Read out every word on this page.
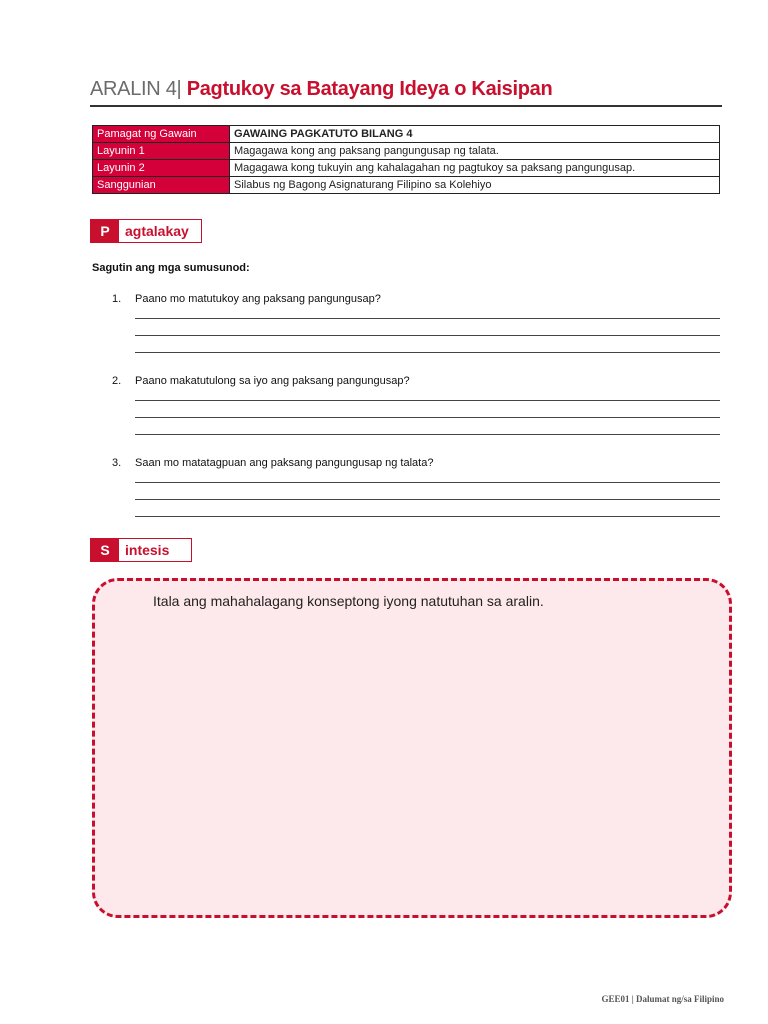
ARALIN 4| Pagtukoy sa Batayang Ideya o Kaisipan
Pamagat ng Gawain	GAWAING PAGKATUTO BILANG 4
Layunin 1	Magagawa kong ang paksang pangungusap ng talata.
Layunin 2	Magagawa kong tukuyin ang kahalagahan ng pagtukoy sa paksang pangungusap.
Sanggunian	Silabus ng Bagong Asignaturang Filipino sa Kolehiyo
P	agtalakay
Sagutin ang mga sumusunod:
1. Paano mo matutukoy ang paksang pangungusap?
2. Paano makatutulong sa iyo ang paksang pangungusap?
3. Saan mo matatagpuan ang paksang pangungusap ng talata?
S	intesis
Itala ang mahahalagang konseptong iyong natutuhan sa aralin.
GEE01 | Dalumat ng/sa Filipino
